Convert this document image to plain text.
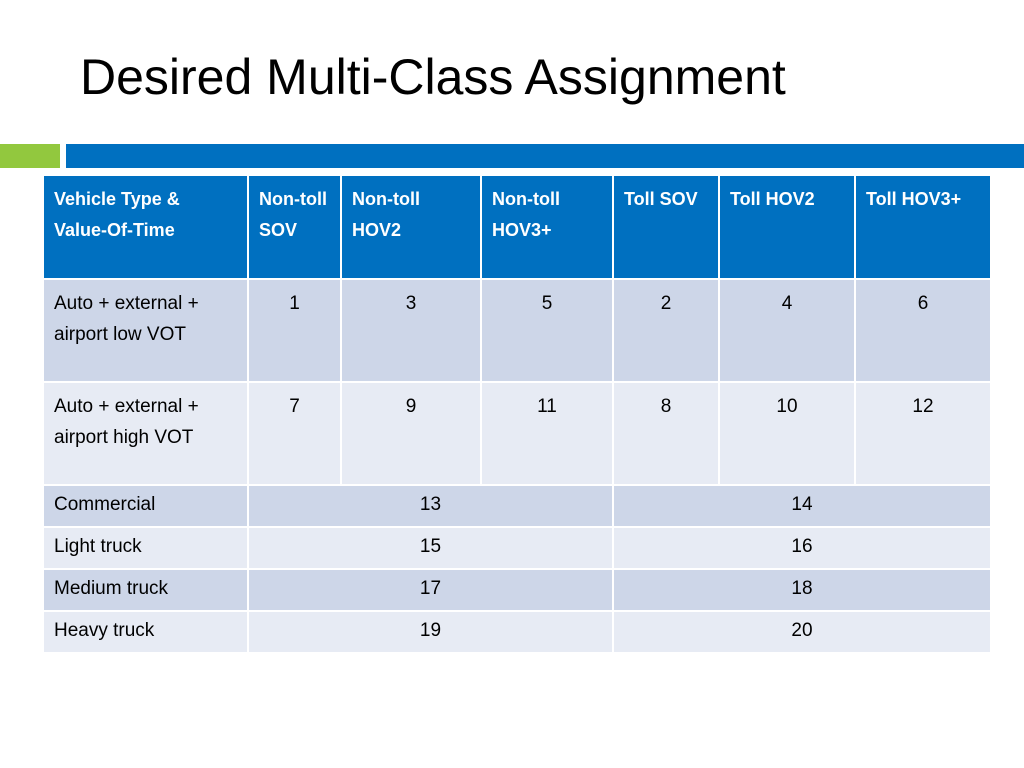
Desired Multi-Class Assignment
Vehicle Type & Value-Of-Time	Non-toll SOV	Non-toll HOV2	Non-toll HOV3+	Toll SOV	Toll HOV2	Toll HOV3+
Auto + external + airport low VOT	1	3	5	2	4	6
Auto + external + airport high VOT	7	9	11	8	10	12
Commercial	13			14		
Light truck	15			16		
Medium truck	17			18		
Heavy truck	19			20		
